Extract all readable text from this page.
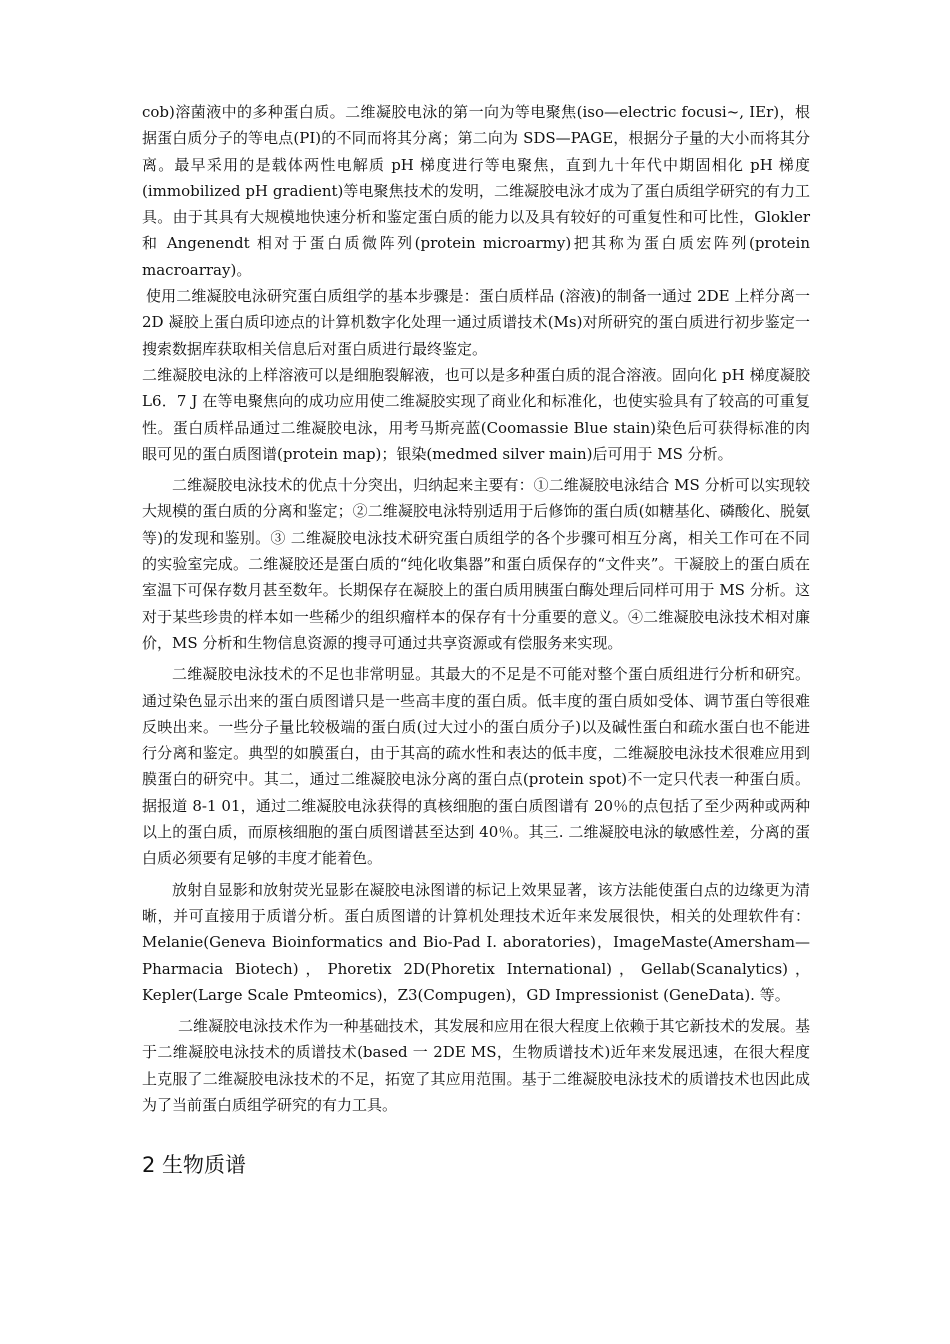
cob)溶菌液中的多种蛋白质。二维凝胶电泳的第一向为等电聚焦(iso—electric focusi~, IEr)，根据蛋白质分子的等电点(PI)的不同而将其分离；第二向为 SDS—PAGE，根据分子量的大小而将其分离。最早采用的是载体两性电解质 pH 梯度进行等电聚焦，直到九十年代中期固相化 pH 梯度(immobilized pH gradient)等电聚焦技术的发明，二维凝胶电泳才成为了蛋白质组学研究的有力工具。由于其具有大规模地快速分析和鉴定蛋白质的能力以及具有较好的可重复性和可比性，Glokler 和 Angenendt 相对于蛋白质微阵列(protein microarmy)把其称为蛋白质宏阵列(protein macroarray)。

使用二维凝胶电泳研究蛋白质组学的基本步骤是：蛋白质样品 (溶液)的制备一通过 2DE 上样分离一 2D 凝胶上蛋白质印迹点的计算机数字化处理一通过质谱技术(Ms)对所研究的蛋白质进行初步鉴定一搜索数据库获取相关信息后对蛋白质进行最终鉴定。

二维凝胶电泳的上样溶液可以是细胞裂解液，也可以是多种蛋白质的混合溶液。固向化 pH 梯度凝胶 L6．7 J 在等电聚焦向的成功应用使二维凝胶实现了商业化和标准化，也使实验具有了较高的可重复性。蛋白质样品通过二维凝胶电泳，用考马斯亮蓝(Coomassie Blue stain)染色后可获得标准的肉眼可见的蛋白质图谱(protein map)；银染(medmed silver main)后可用于 MS 分析。

二维凝胶电泳技术的优点十分突出，归纳起来主要有：①二维凝胶电泳结合 MS 分析可以实现较大规模的蛋白质的分离和鉴定；②二维凝胶电泳特别适用于后修饰的蛋白质(如糖基化、磷酸化、脱氨等)的发现和鉴别。③ 二维凝胶电泳技术研究蛋白质组学的各个步骤可相互分离，相关工作可在不同的实验室完成。二维凝胶还是蛋白质的“纯化收集器”和蛋白质保存的“文件夹”。干凝胶上的蛋白质在室温下可保存数月甚至数年。长期保存在凝胶上的蛋白质用胰蛋白酶处理后同样可用于 MS 分析。这对于某些珍贵的样本如一些稀少的组织瘤样本的保存有十分重要的意义。④二维凝胶电泳技术相对廉价，MS 分析和生物信息资源的搜寻可通过共享资源或有偿服务来实现。

二维凝胶电泳技术的不足也非常明显。其最大的不足是不可能对整个蛋白质组进行分析和研究。通过染色显示出来的蛋白质图谱只是一些高丰度的蛋白质。低丰度的蛋白质如受体、调节蛋白等很难反映出来。一些分子量比较极端的蛋白质(过大过小的蛋白质分子)以及碱性蛋白和疏水蛋白也不能进行分离和鉴定。典型的如膜蛋白，由于其高的疏水性和表达的低丰度，二维凝胶电泳技术很难应用到膜蛋白的研究中。其二，通过二维凝胶电泳分离的蛋白点(protein spot)不一定只代表一种蛋白质。据报道 8-1 01，通过二维凝胶电泳获得的真核细胞的蛋白质图谱有 20％的点包括了至少两种或两种以上的蛋白质，而原核细胞的蛋白质图谱甚至达到 40％。其三. 二维凝胶电泳的敏感性差，分离的蛋白质必须要有足够的丰度才能着色。

放射自显影和放射荧光显影在凝胶电泳图谱的标记上效果显著，该方法能使蛋白点的边缘更为清晰，并可直接用于质谱分析。蛋白质图谱的计算机处理技术近年来发展很快，相关的处理软件有：Melanie(Geneva Bioinformatics and Bio-Pad I. aboratories)，ImageMaste(Amersham—Pharmacia Biotech)，Phoretix 2D(Phoretix International)，Gellab(Scanalytics)，Kepler(Large Scale Pmteomics)，Z3(Compugen)，GD Impressionist (GeneData). 等。

二维凝胶电泳技术作为一种基础技术，其发展和应用在很大程度上依赖于其它新技术的发展。基于二维凝胶电泳技术的质谱技术(based 一 2DE MS，生物质谱技术)近年来发展迅速，在很大程度上克服了二维凝胶电泳技术的不足，拓宽了其应用范围。基于二维凝胶电泳技术的质谱技术也因此成为了当前蛋白质组学研究的有力工具。

2 生物质谱
